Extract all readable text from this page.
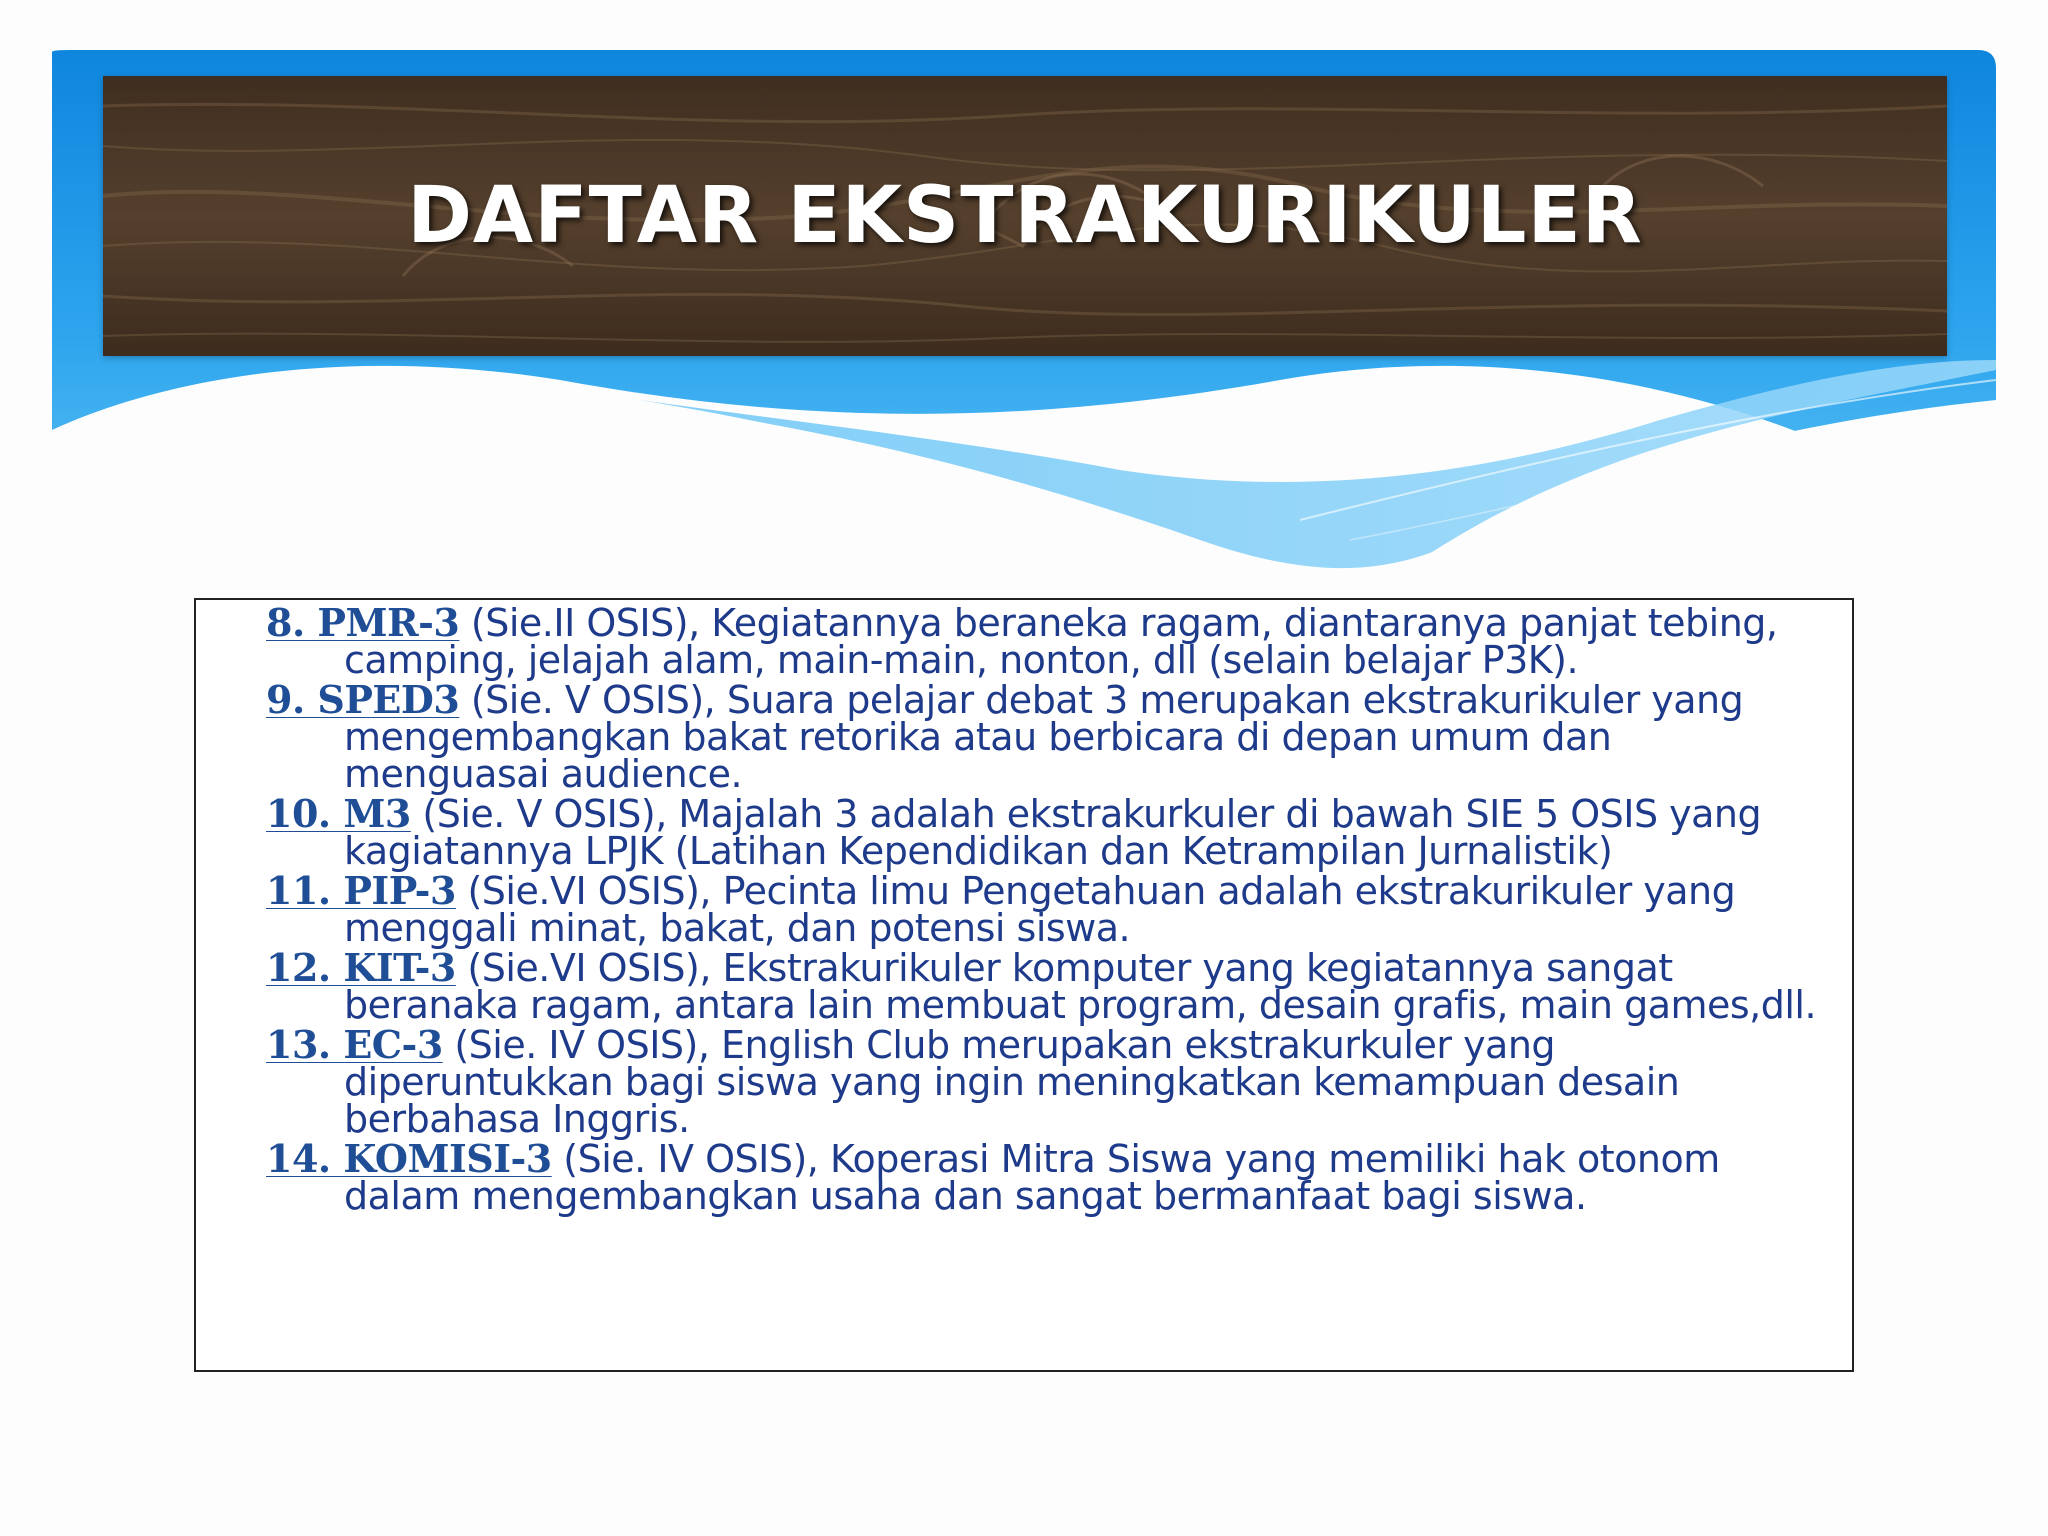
DAFTAR EKSTRAKURIKULER
8. PMR-3 (Sie.II OSIS), Kegiatannya beraneka ragam, diantaranya panjat tebing, camping, jelajah alam, main-main, nonton, dll (selain belajar P3K).
9. SPED3 (Sie. V OSIS), Suara pelajar debat 3 merupakan ekstrakurikuler yang mengembangkan bakat retorika atau berbicara di depan umum dan menguasai audience.
10. M3 (Sie. V OSIS), Majalah 3 adalah ekstrakurkuler di bawah SIE 5 OSIS yang kagiatannya LPJK (Latihan Kependidikan dan Ketrampilan Jurnalistik)
11. PIP-3 (Sie.VI OSIS), Pecinta limu Pengetahuan adalah ekstrakurikuler yang menggali minat, bakat, dan potensi siswa.
12. KIT-3 (Sie.VI OSIS), Ekstrakurikuler komputer yang kegiatannya sangat beranaka ragam, antara lain membuat program, desain grafis, main games,dll.
13. EC-3 (Sie. IV OSIS), English Club merupakan ekstrakurkuler yang diperuntukkan bagi siswa yang ingin meningkatkan kemampuan desain berbahasa Inggris.
14. KOMISI-3 (Sie. IV OSIS), Koperasi Mitra Siswa yang memiliki hak otonom dalam mengembangkan usaha dan sangat bermanfaat bagi siswa.
